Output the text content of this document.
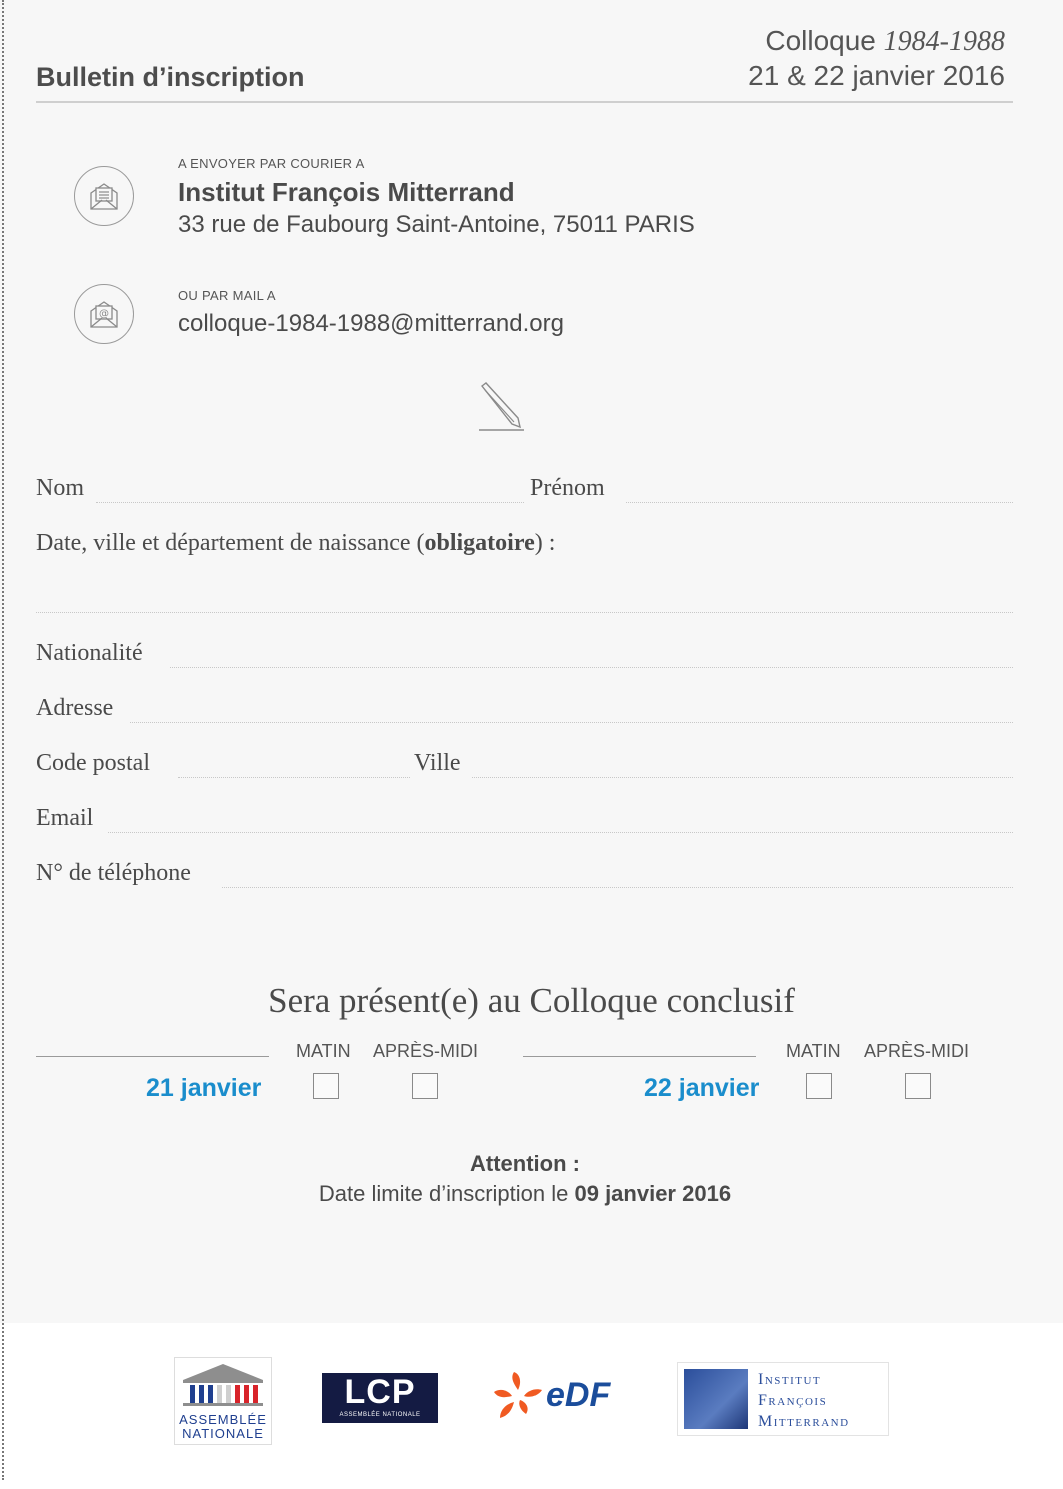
Bulletin d’inscription
Colloque 1984-1988
21 & 22 janvier 2016
A ENVOYER PAR COURIER A
Institut François Mitterrand
33 rue de Faubourg Saint-Antoine, 75011 PARIS
@
OU PAR MAIL A
colloque-1984-1988@mitterrand.org
Nom	Prénom
Date, ville et département de naissance (obligatoire) :
Nationalité
Adresse
Code postal	Ville
Email
N° de téléphone
Sera présent(e) au Colloque conclusif
MATIN APRÈS-MIDI
21 janvier
MATIN APRÈS-MIDI
22 janvier
Attention :
Date limite d’inscription le 09 janvier 2016
ASSEMBLÉE
NATIONALE
LCP
ASSEMBLÉE NATIONALE
eDF	Institut
François
Mitterrand
